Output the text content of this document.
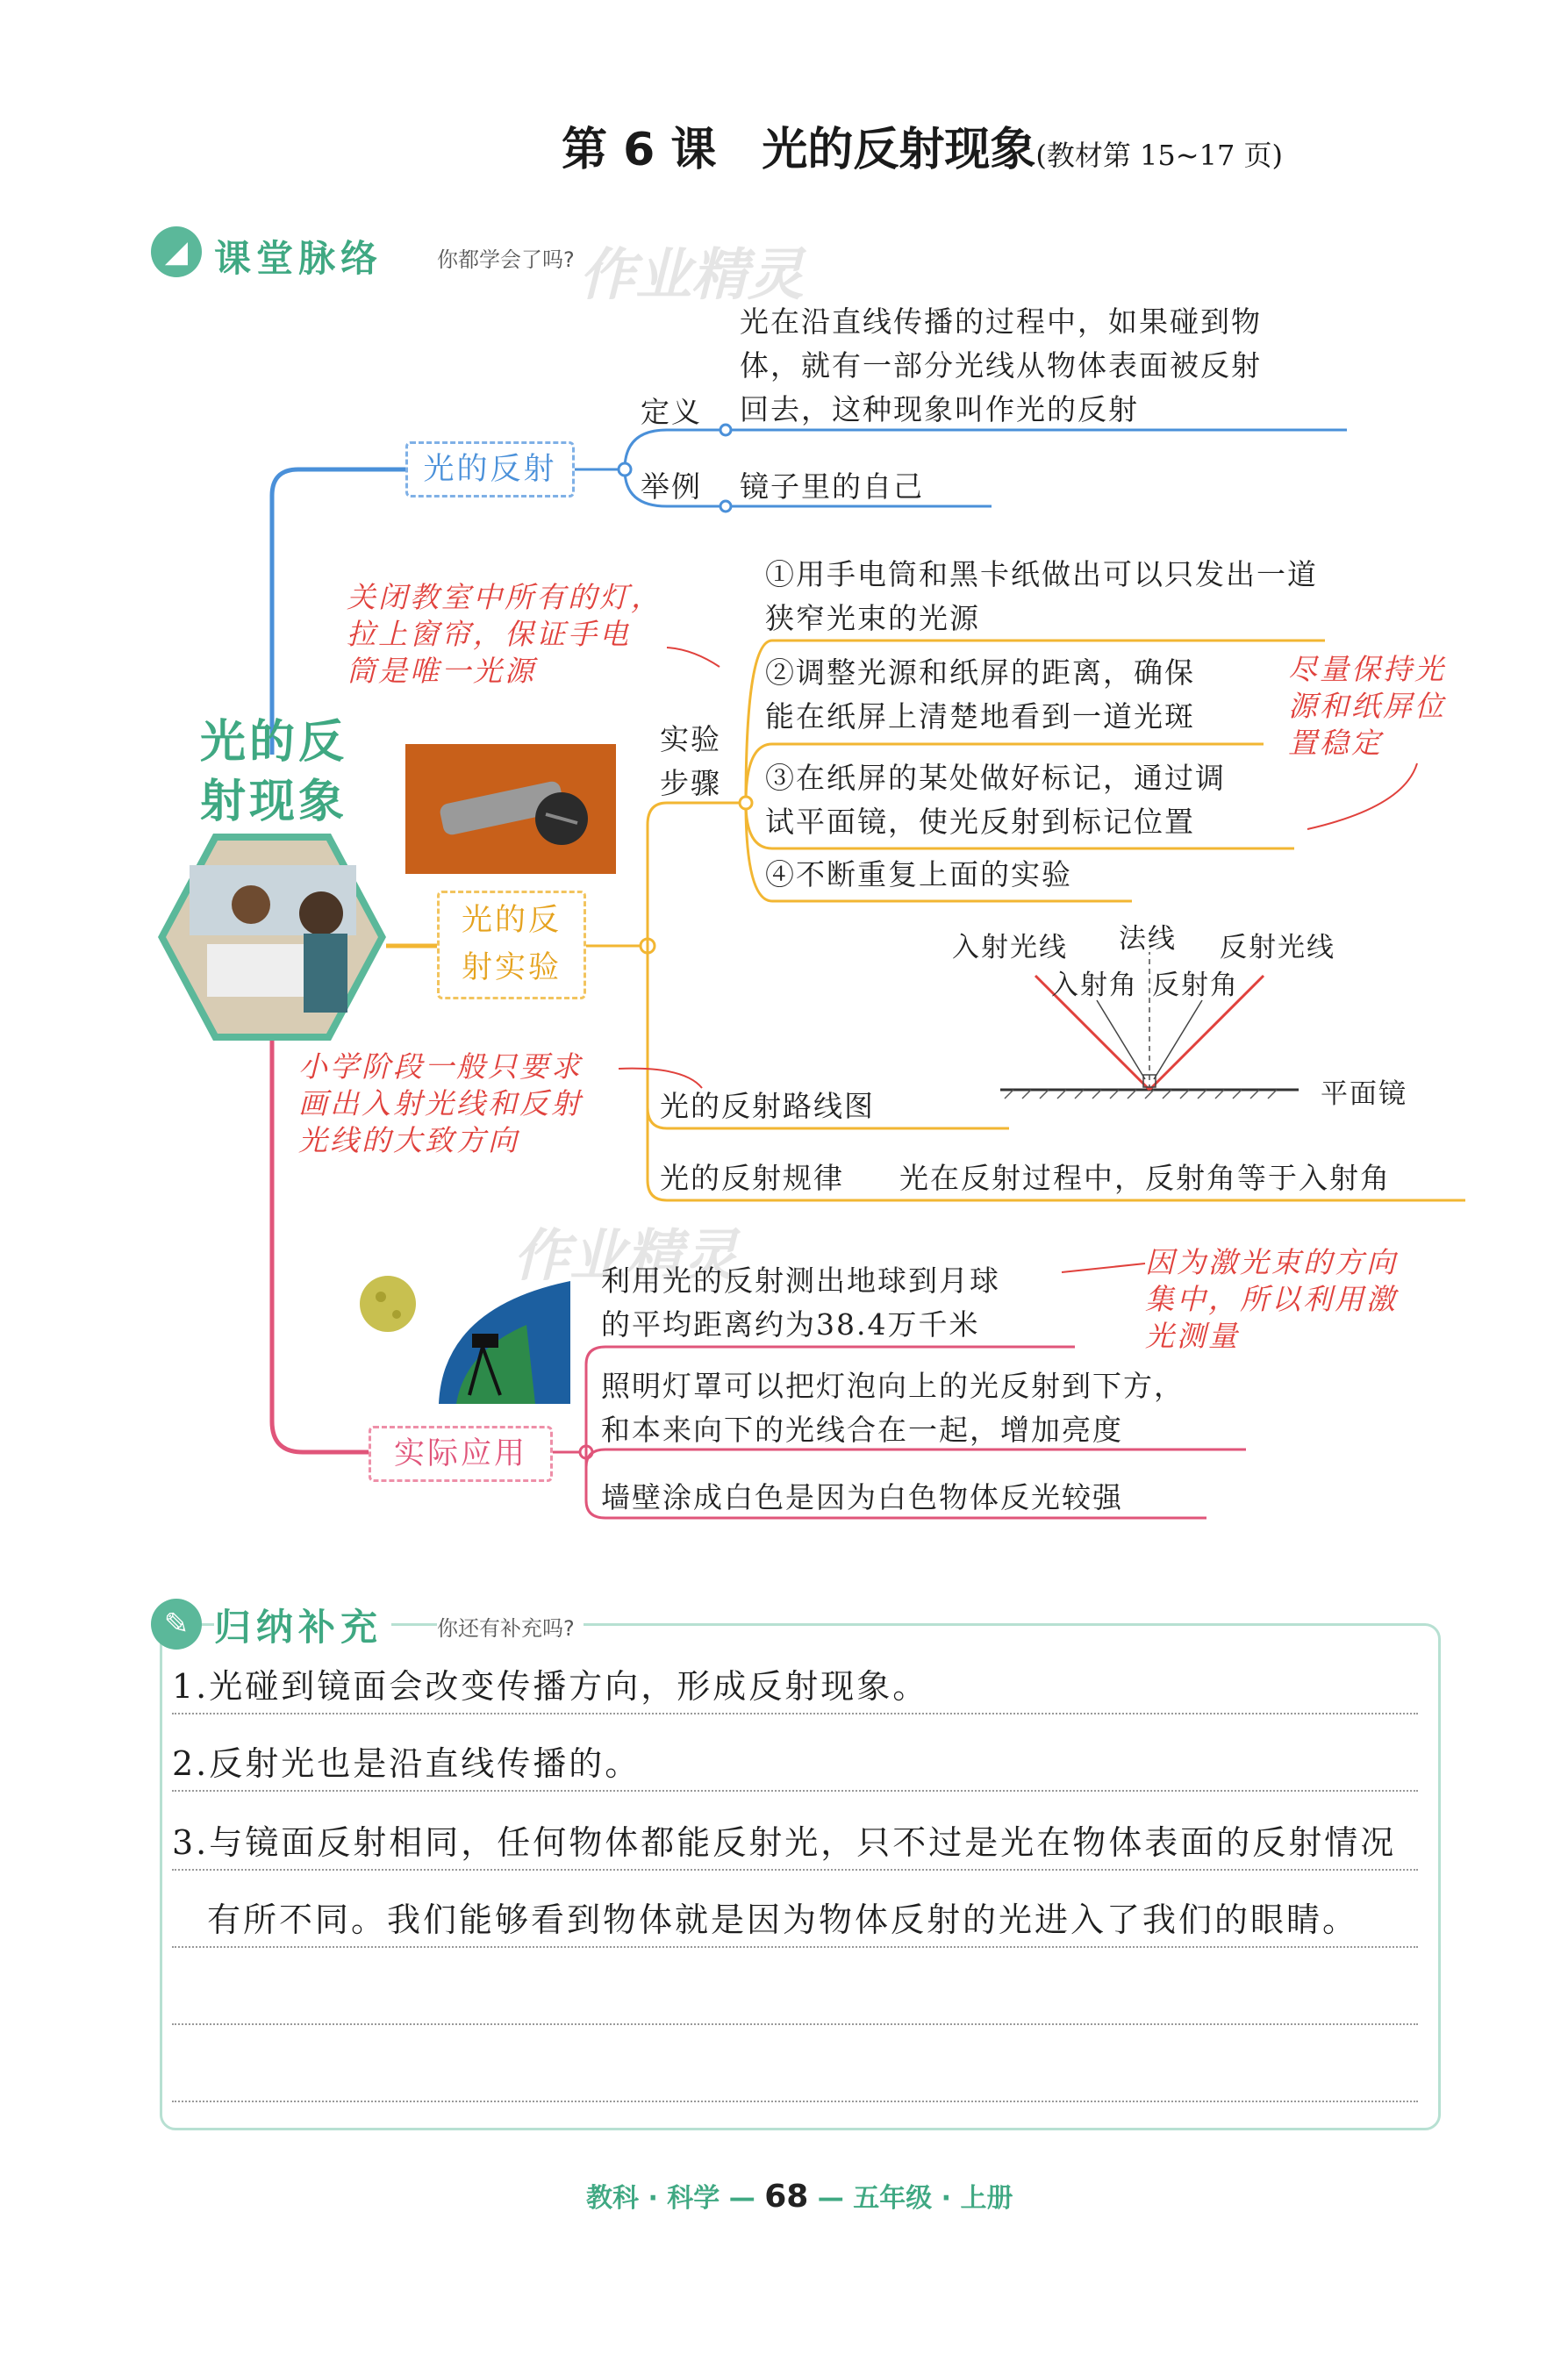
第 6 课　光的反射现象(教材第 15~17 页)
◢ 课堂脉络	你都学会了吗? 作业精灵
光的反
射现象
光的反射
光在沿直线传播的过程中，如果碰到物
体，就有一部分光线从物体表面被反射
回去，这种现象叫作光的反射
定义
举例 镜子里的自己
关闭教室中所有的灯，
拉上窗帘，保证手电
筒是唯一光源	尽量保持光
源和纸屏位
置稳定
光的反
射实验
实验
步骤
①用手电筒和黑卡纸做出可以只发出一道
狭窄光束的光源
②调整光源和纸屏的距离，确保
能在纸屏上清楚地看到一道光斑
③在纸屏的某处做好标记，通过调
试平面镜，使光反射到标记位置
④不断重复上面的实验
入射光线 法线 反射光线
入射角 反射角
平面镜
小学阶段一般只要求
画出入射光线和反射
光线的大致方向
光的反射路线图
光的反射规律 光在反射过程中，反射角等于入射角
作业精灵
实际应用
利用光的反射测出地球到月球
的平均距离约为38.4万千米
照明灯罩可以把灯泡向上的光反射到下方，
和本来向下的光线合在一起，增加亮度
墙壁涂成白色是因为白色物体反光较强
因为激光束的方向
集中，所以利用激
光测量
✎ 归纳补充	你还有补充吗?
1.光碰到镜面会改变传播方向，形成反射现象。
2.反射光也是沿直线传播的。
3.与镜面反射相同，任何物体都能反射光，只不过是光在物体表面的反射情况
有所不同。我们能够看到物体就是因为物体反射的光进入了我们的眼睛。
教科 · 科学 — 68 — 五年级 · 上册
